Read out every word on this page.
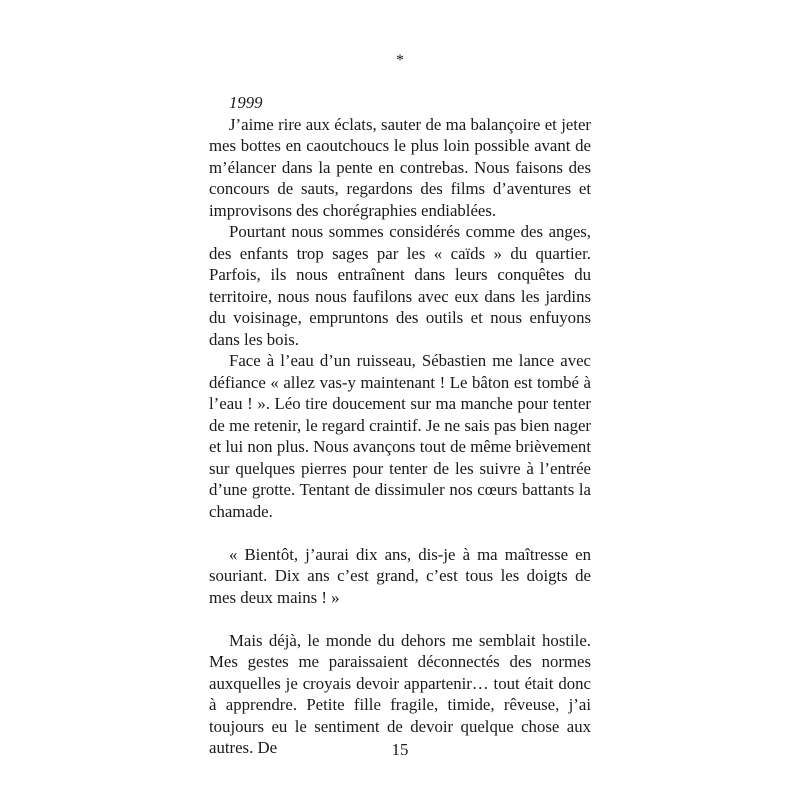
*

1999

J’aime rire aux éclats, sauter de ma balançoire et jeter mes bottes en caoutchoucs le plus loin possible avant de m’élancer dans la pente en contrebas. Nous faisons des concours de sauts, regardons des films d’aventures et improvisons des chorégraphies endiablées.

Pourtant nous sommes considérés comme des anges, des enfants trop sages par les « caïds » du quartier. Parfois, ils nous entraînent dans leurs conquêtes du territoire, nous nous faufilons avec eux dans les jardins du voisinage, empruntons des outils et nous enfuyons dans les bois.

Face à l’eau d’un ruisseau, Sébastien me lance avec défiance « allez vas-y maintenant ! Le bâton est tombé à l’eau ! ». Léo tire doucement sur ma manche pour tenter de me retenir, le regard craintif. Je ne sais pas bien nager et lui non plus. Nous avançons tout de même brièvement sur quelques pierres pour tenter de les suivre à l’entrée d’une grotte. Tentant de dissimuler nos cœurs battants la chamade.

« Bientôt, j’aurai dix ans, dis-je à ma maîtresse en souriant. Dix ans c’est grand, c’est tous les doigts de mes deux mains ! »

Mais déjà, le monde du dehors me semblait hostile. Mes gestes me paraissaient déconnectés des normes auxquelles je croyais devoir appartenir… tout était donc à apprendre. Petite fille fragile, timide, rêveuse, j’ai toujours eu le sentiment de devoir quelque chose aux autres. De	15
